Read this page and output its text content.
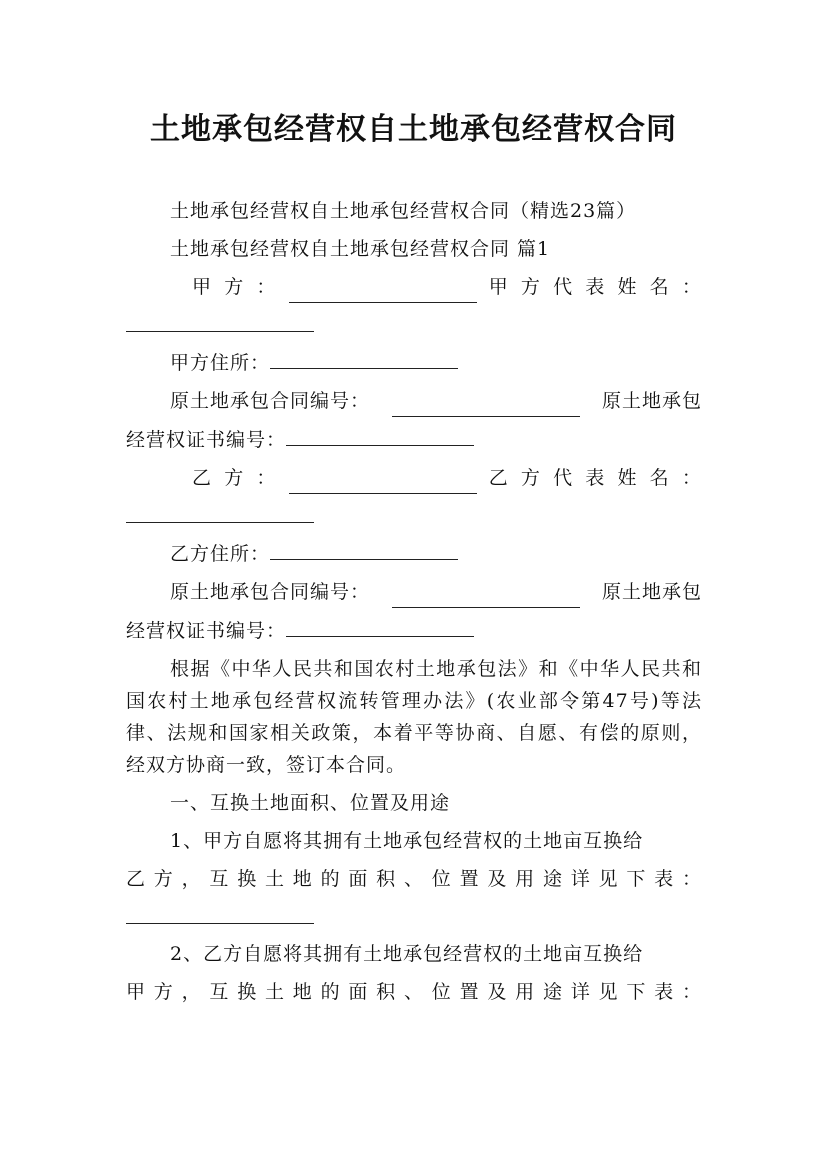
土地承包经营权自土地承包经营权合同

土地承包经营权自土地承包经营权合同（精选23篇）

土地承包经营权自土地承包经营权合同 篇1

甲 方 ：	甲 方 代 表 姓 名 ：

甲方住所：

原土地承包合同编号：	原土地承包

经营权证书编号：

乙 方 ：	乙 方 代 表 姓 名 ：

乙方住所：

原土地承包合同编号：	原土地承包

经营权证书编号：

根据《中华人民共和国农村土地承包法》和《中华人民共和国农村土地承包经营权流转管理办法》(农业部令第47号)等法律、法规和国家相关政策，本着平等协商、自愿、有偿的原则，经双方协商一致，签订本合同。

一、互换土地面积、位置及用途

1、甲方自愿将其拥有土地承包经营权的土地亩互换给

乙 方 ， 互 换 土 地 的 面 积 、 位 置 及 用 途 详 见 下 表 ：

2、乙方自愿将其拥有土地承包经营权的土地亩互换给

甲 方 ， 互 换 土 地 的 面 积 、 位 置 及 用 途 详 见 下 表 ：
